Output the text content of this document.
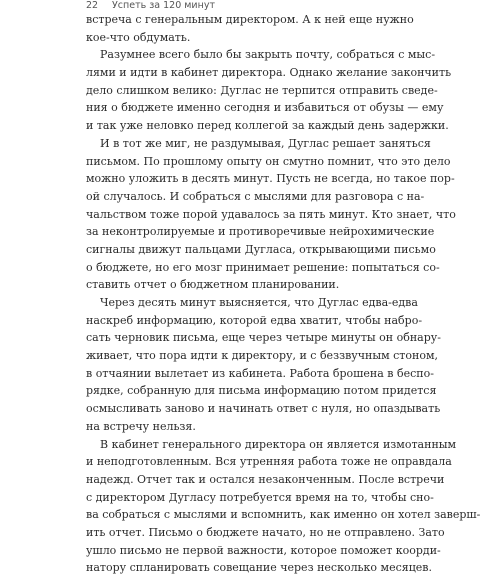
22 Успеть за 120 минут

встреча с генеральным директором. А к ней еще нужно
кое-что обдумать.

Разумнее всего было бы закрыть почту, собраться с мыс-
лями и идти в кабинет директора. Однако желание закончить
дело слишком велико: Дуглас не терпится отправить сведе-
ния о бюджете именно сегодня и избавиться от обузы — ему
и так уже неловко перед коллегой за каждый день задержки.

И в тот же миг, не раздумывая, Дуглас решает заняться
письмом. По прошлому опыту он смутно помнит, что это дело
можно уложить в десять минут. Пусть не всегда, но такое пор-
ой случалось. И собраться с мыслями для разговора с на-
чальством тоже порой удавалось за пять минут. Кто знает, что
за неконтролируемые и противоречивые нейрохимические
сигналы движут пальцами Дугласа, открывающими письмо
о бюджете, но его мозг принимает решение: попытаться со-
ставить отчет о бюджетном планировании.

Через десять минут выясняется, что Дуглас едва-едва
наскреб информацию, которой едва хватит, чтобы набро-
сать черновик письма, еще через четыре минуты он обнару-
живает, что пора идти к директору, и с беззвучным стоном,
в отчаянии вылетает из кабинета. Работа брошена в беспо-
рядке, собранную для письма информацию потом придется
осмысливать заново и начинать ответ с нуля, но опаздывать
на встречу нельзя.

В кабинет генерального директора он является измотанным
и неподготовленным. Вся утренняя работа тоже не оправдала
надежд. Отчет так и остался незаконченным. После встречи
с директором Дугласу потребуется время на то, чтобы сно-
ва собраться с мыслями и вспомнить, как именно он хотел заверш-
ить отчет. Письмо о бюджете начато, но не отправлено. Зато
ушло письмо не первой важности, которое поможет коорди-
натору спланировать совещание через несколько месяцев.
